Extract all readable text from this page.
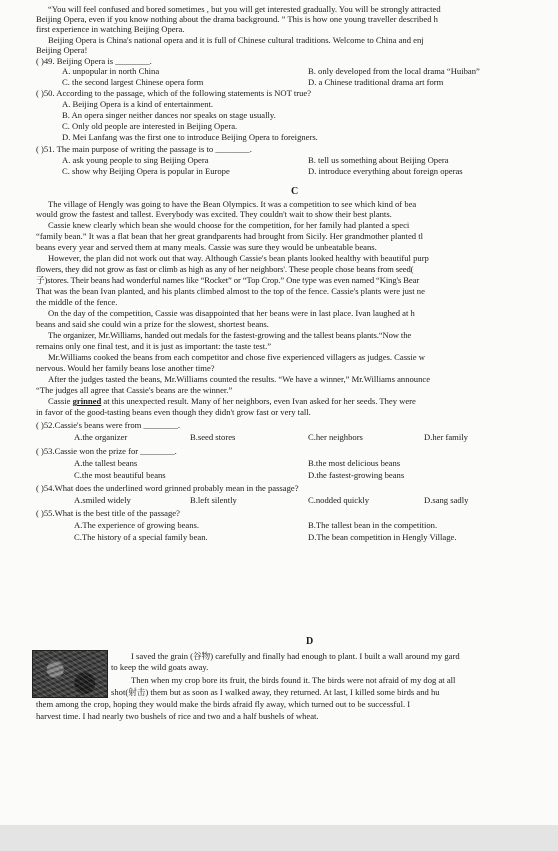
“You will feel confused and bored sometimes , but you will get interested gradually. You will be strongly attracted
Beijing Opera, even if you know nothing about the drama background. ” This is how one young traveller described h
first experience in watching Beijing Opera.
Beijing Opera is China's national opera and it is full of Chinese cultural traditions. Welcome to China and enj
Beijing Opera!
( )49. Beijing Opera is ________.
A. unpopular in north China	B. only developed from the local drama “Huiban”
C. the second largest Chinese opera form	D. a Chinese traditional drama art form
( )50. According to the passage, which of the following statements is NOT true?
A. Beijing Opera is a kind of entertainment.
B. An opera singer neither dances nor speaks on stage usually.
C. Only old people are interested in Beijing Opera.
D. Mei Lanfang was the first one to introduce Beijing Opera to foreigners.
( )51. The main purpose of writing the passage is to ________.
A. ask young people to sing Beijing Opera	B. tell us something about Beijing Opera
C. show why Beijing Opera is popular in Europe	D. introduce everything about foreign operas
C
The village of Hengly was going to have the Bean Olympics. It was a competition to see which kind of bea
would grow the fastest and tallest. Everybody was excited. They couldn't wait to show their best plants.
Cassie knew clearly which bean she would choose for the competition, for her family had planted a speci
“family bean.” It was a flat bean that her great grandparents had brought from Sicily. Her grandmother planted tl
beans every year and served them at many meals. Cassie was sure they would be unbeatable beans.
However, the plan did not work out that way. Although Cassie's bean plants looked healthy with beautiful purp
flowers, they did not grow as fast or climb as high as any of her neighbors'. These people chose beans from seed(
子)stores. Their beans had wonderful names like “Rocket” or “Top Crop.” One type was even named “King's Bear
That was the bean Ivan planted, and his plants climbed almost to the top of the fence. Cassie's plants were just ne
the middle of the fence.
On the day of the competition, Cassie was disappointed that her beans were in last place. Ivan laughed at h
beans and said she could win a prize for the slowest, shortest beans.
The organizer, Mr.Williams, handed out medals for the fastest-growing and the tallest beans plants.“Now the
remains only one final test, and it is just as important: the taste test.”
Mr.Williams cooked the beans from each competitor and chose five experienced villagers as judges. Cassie w
nervous. Would her family beans lose another time?
After the judges tasted the beans, Mr.Williams counted the results. “We have a winner,” Mr.Williams announce
“The judges all agree that Cassie's beans are the winner.”
Cassie grinned at this unexpected result. Many of her neighbors, even Ivan asked for her seeds. They were
in favor of the good-tasting beans even though they didn't grow fast or very tall.
( )52.Cassie's beans were from ________.
A.the organizer	B.seed stores	C.her neighbors	D.her family
( )53.Cassie won the prize for ________.
A.the tallest beans	B.the most delicious beans
C.the most beautiful beans	D.the fastest-growing beans
( )54.What does the underlined word grinned probably mean in the passage?
A.smiled widely	B.left silently	C.nodded quickly	D.sang sadly
( )55.What is the best title of the passage?
A.The experience of growing beans.	B.The tallest bean in the competition.
C.The history of a special family bean.	D.The bean competition in Hengly Village.
D
I saved the grain (谷物) carefully and finally had enough to plant. I built a wall around my gard
to keep the wild goats away.
Then when my crop bore its fruit, the birds found it. The birds were not afraid of my dog at all
shot(射击) them but as soon as I walked away, they returned. At last, I killed some birds and hu
them among the crop, hoping they would make the birds afraid fly away, which turned out to be successful. I
harvest time. I had nearly two bushels of rice and two and a half bushels of wheat.
